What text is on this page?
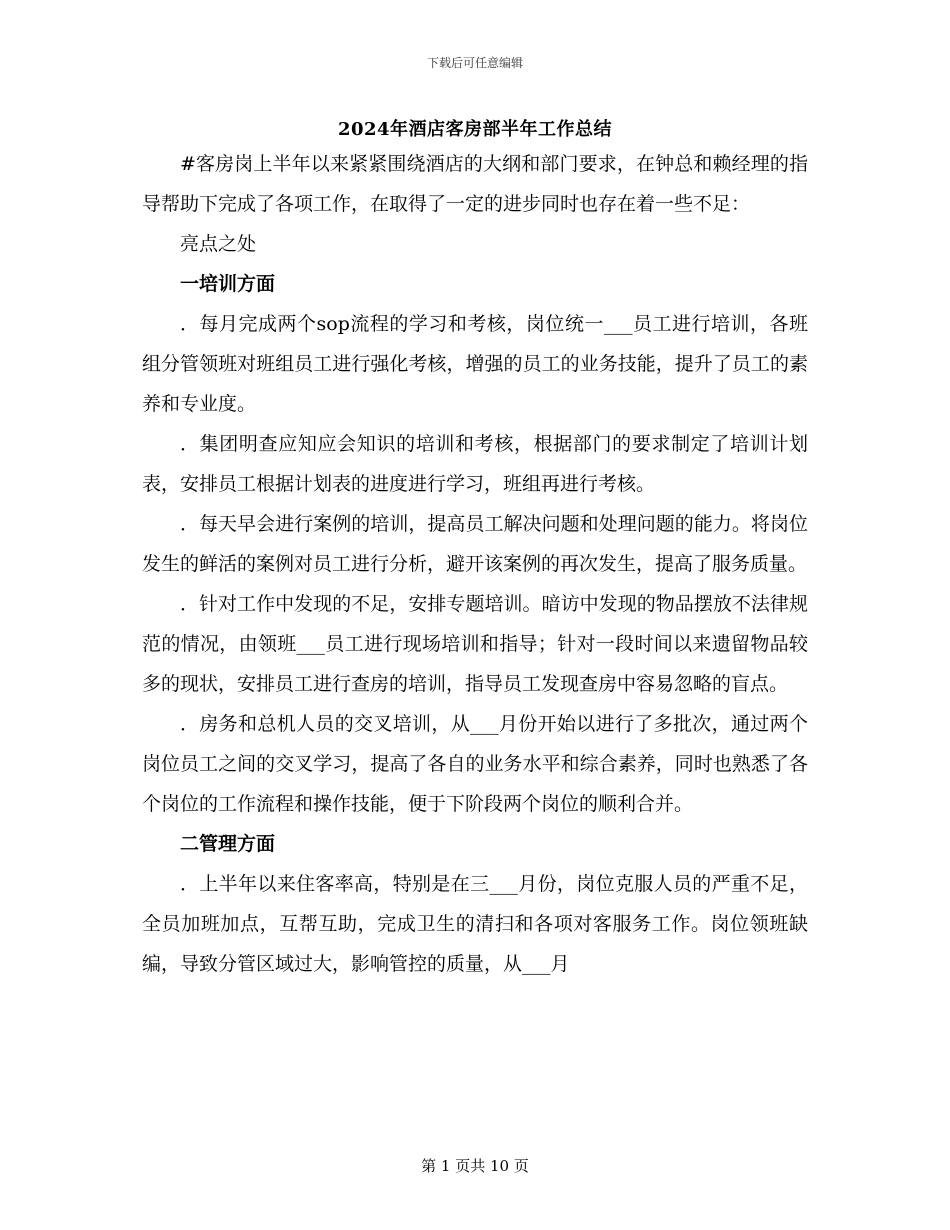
下载后可任意编辑
2024年酒店客房部半年工作总结

#客房岗上半年以来紧紧围绕酒店的大纲和部门要求，在钟总和赖经理的指导帮助下完成了各项工作，在取得了一定的进步同时也存在着一些不足：

亮点之处

一培训方面

．每月完成两个sop流程的学习和考核，岗位统一___员工进行培训，各班组分管领班对班组员工进行强化考核，增强的员工的业务技能，提升了员工的素养和专业度。

．集团明查应知应会知识的培训和考核，根据部门的要求制定了培训计划表，安排员工根据计划表的进度进行学习，班组再进行考核。

．每天早会进行案例的培训，提高员工解决问题和处理问题的能力。将岗位发生的鲜活的案例对员工进行分析，避开该案例的再次发生，提高了服务质量。

．针对工作中发现的不足，安排专题培训。暗访中发现的物品摆放不法律规范的情况，由领班___员工进行现场培训和指导；针对一段时间以来遗留物品较多的现状，安排员工进行查房的培训，指导员工发现查房中容易忽略的盲点。

．房务和总机人员的交叉培训，从___月份开始以进行了多批次，通过两个岗位员工之间的交叉学习，提高了各自的业务水平和综合素养，同时也熟悉了各个岗位的工作流程和操作技能，便于下阶段两个岗位的顺利合并。

二管理方面

．上半年以来住客率高，特别是在三___月份，岗位克服人员的严重不足，全员加班加点，互帮互助，完成卫生的清扫和各项对客服务工作。岗位领班缺编，导致分管区域过大，影响管控的质量，从___月

第 1 页共 10 页
